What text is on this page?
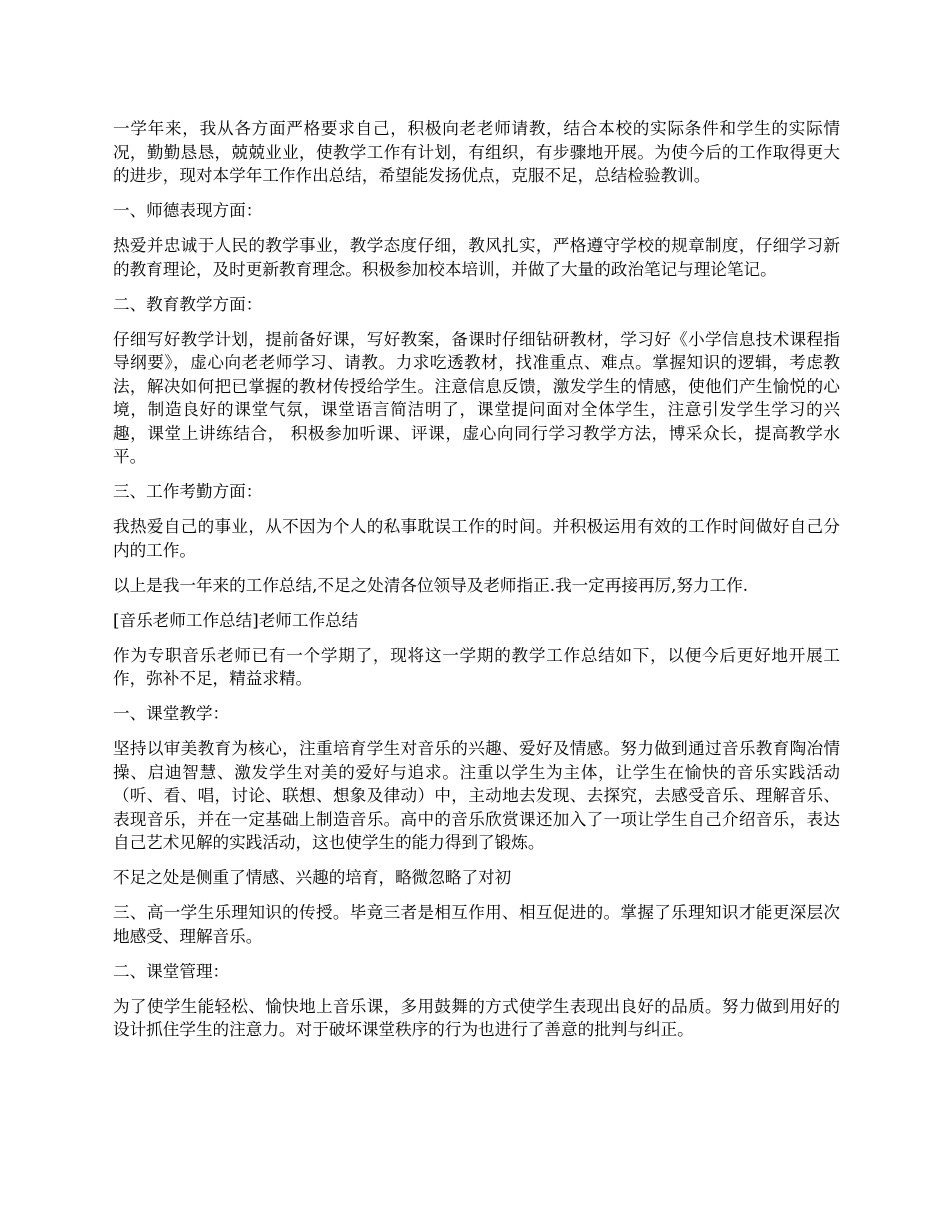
一学年来，我从各方面严格要求自己，积极向老老师请教，结合本校的实际条件和学生的实际情况，勤勤恳恳，兢兢业业，使教学工作有计划，有组织，有步骤地开展。为使今后的工作取得更大的进步，现对本学年工作作出总结，希望能发扬优点，克服不足，总结检验教训。

一、师德表现方面：

热爱并忠诚于人民的教学事业，教学态度仔细，教风扎实，严格遵守学校的规章制度，仔细学习新的教育理论，及时更新教育理念。积极参加校本培训，并做了大量的政治笔记与理论笔记。

二、教育教学方面：

仔细写好教学计划，提前备好课，写好教案，备课时仔细钻研教材，学习好《小学信息技术课程指导纲要》，虚心向老老师学习、请教。力求吃透教材，找准重点、难点。掌握知识的逻辑，考虑教法，解决如何把已掌握的教材传授给学生。注意信息反馈，激发学生的情感，使他们产生愉悦的心境，制造良好的课堂气氛，课堂语言简洁明了，课堂提问面对全体学生，注意引发学生学习的兴趣，课堂上讲练结合， 积极参加听课、评课，虚心向同行学习教学方法，博采众长，提高教学水平。

三、工作考勤方面：

我热爱自己的事业，从不因为个人的私事耽误工作的时间。并积极运用有效的工作时间做好自己分内的工作。

以上是我一年来的工作总结,不足之处清各位领导及老师指正.我一定再接再厉,努力工作.

[音乐老师工作总结]老师工作总结

作为专职音乐老师已有一个学期了，现将这一学期的教学工作总结如下，以便今后更好地开展工作，弥补不足，精益求精。

一、课堂教学：

坚持以审美教育为核心，注重培育学生对音乐的兴趣、爱好及情感。努力做到通过音乐教育陶冶情操、启迪智慧、激发学生对美的爱好与追求。注重以学生为主体，让学生在愉快的音乐实践活动（听、看、唱，讨论、联想、想象及律动）中，主动地去发现、去探究，去感受音乐、理解音乐、表现音乐，并在一定基础上制造音乐。高中的音乐欣赏课还加入了一项让学生自己介绍音乐，表达自己艺术见解的实践活动，这也使学生的能力得到了锻炼。

不足之处是侧重了情感、兴趣的培育，略微忽略了对初

三、高一学生乐理知识的传授。毕竟三者是相互作用、相互促进的。掌握了乐理知识才能更深层次地感受、理解音乐。

二、课堂管理：

为了使学生能轻松、愉快地上音乐课，多用鼓舞的方式使学生表现出良好的品质。努力做到用好的设计抓住学生的注意力。对于破坏课堂秩序的行为也进行了善意的批判与纠正。
